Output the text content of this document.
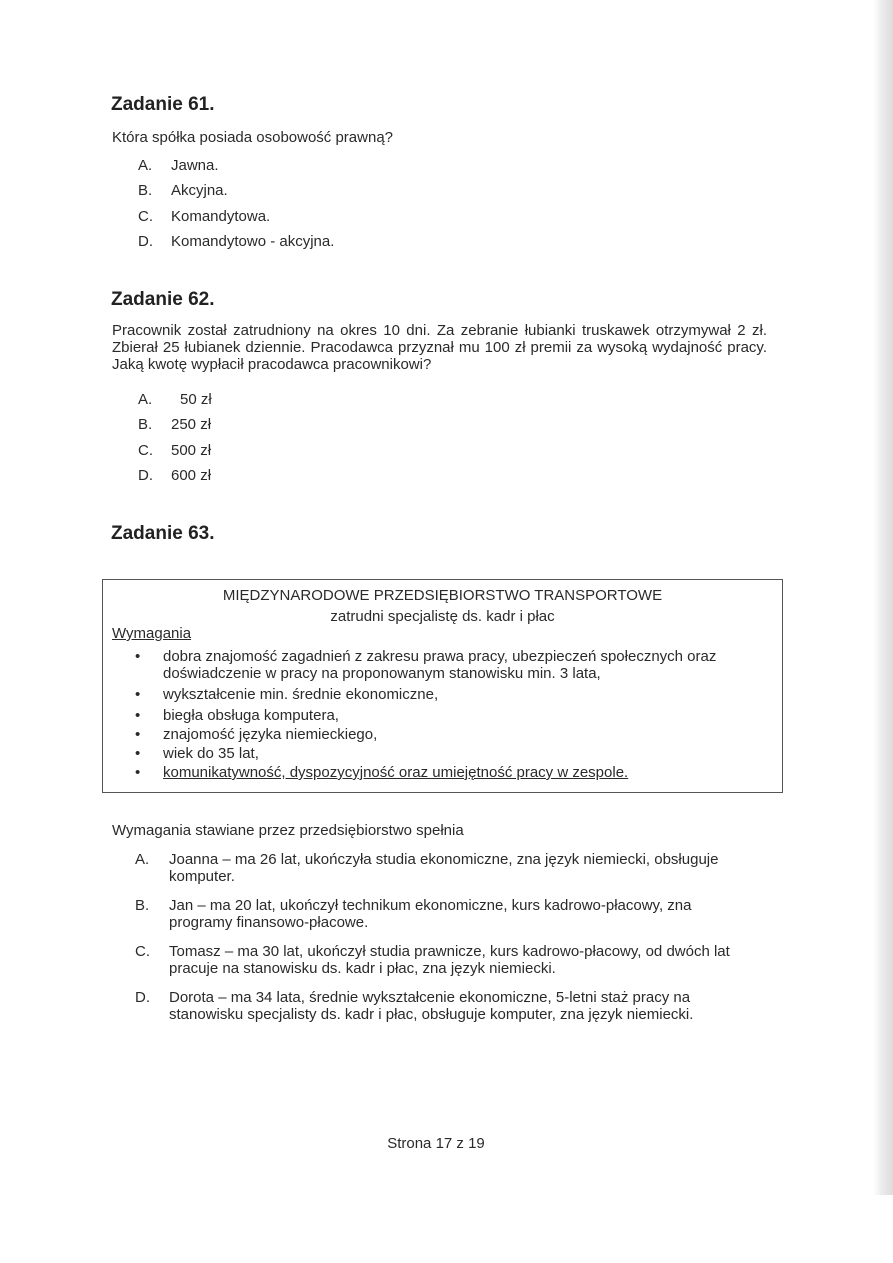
Zadanie 61.
Która spółka posiada osobowość prawną?
A.	Jawna.
B.	Akcyjna.
C.	Komandytowa.
D.	Komandytowo - akcyjna.
Zadanie 62.
Pracownik został zatrudniony na okres 10 dni. Za zebranie łubianki truskawek otrzymywał 2 zł. Zbierał 25 łubianek dziennie. Pracodawca przyznał mu 100 zł premii za wysoką wydajność pracy. Jaką kwotę wypłacił pracodawca pracownikowi?
A.	50 zł
B.	250 zł
C.	500 zł
D.	600 zł
Zadanie 63.
MIĘDZYNARODOWE PRZEDSIĘBIORSTWO TRANSPORTOWE
zatrudni specjalistę ds. kadr i płac
Wymagania
•	dobra znajomość zagadnień z zakresu prawa pracy, ubezpieczeń społecznych oraz doświadczenie w pracy na proponowanym stanowisku min. 3 lata,
•	wykształcenie min. średnie ekonomiczne,
•	biegła obsługa komputera,
•	znajomość języka niemieckiego,
•	wiek do 35 lat,
•	komunikatywność, dyspozycyjność oraz umiejętność pracy w zespole.
Wymagania stawiane przez przedsiębiorstwo spełnia
A.	Joanna – ma 26 lat, ukończyła studia ekonomiczne, zna język niemiecki, obsługuje komputer.
B.	Jan – ma 20 lat, ukończył technikum ekonomiczne, kurs kadrowo-płacowy, zna programy finansowo-płacowe.
C.	Tomasz – ma 30 lat, ukończył studia prawnicze, kurs kadrowo-płacowy, od dwóch lat pracuje na stanowisku ds. kadr i płac, zna język niemiecki.
D.	Dorota – ma 34 lata, średnie wykształcenie ekonomiczne, 5-letni staż pracy na stanowisku specjalisty ds. kadr i płac, obsługuje komputer, zna język niemiecki.
Strona 17 z 19
